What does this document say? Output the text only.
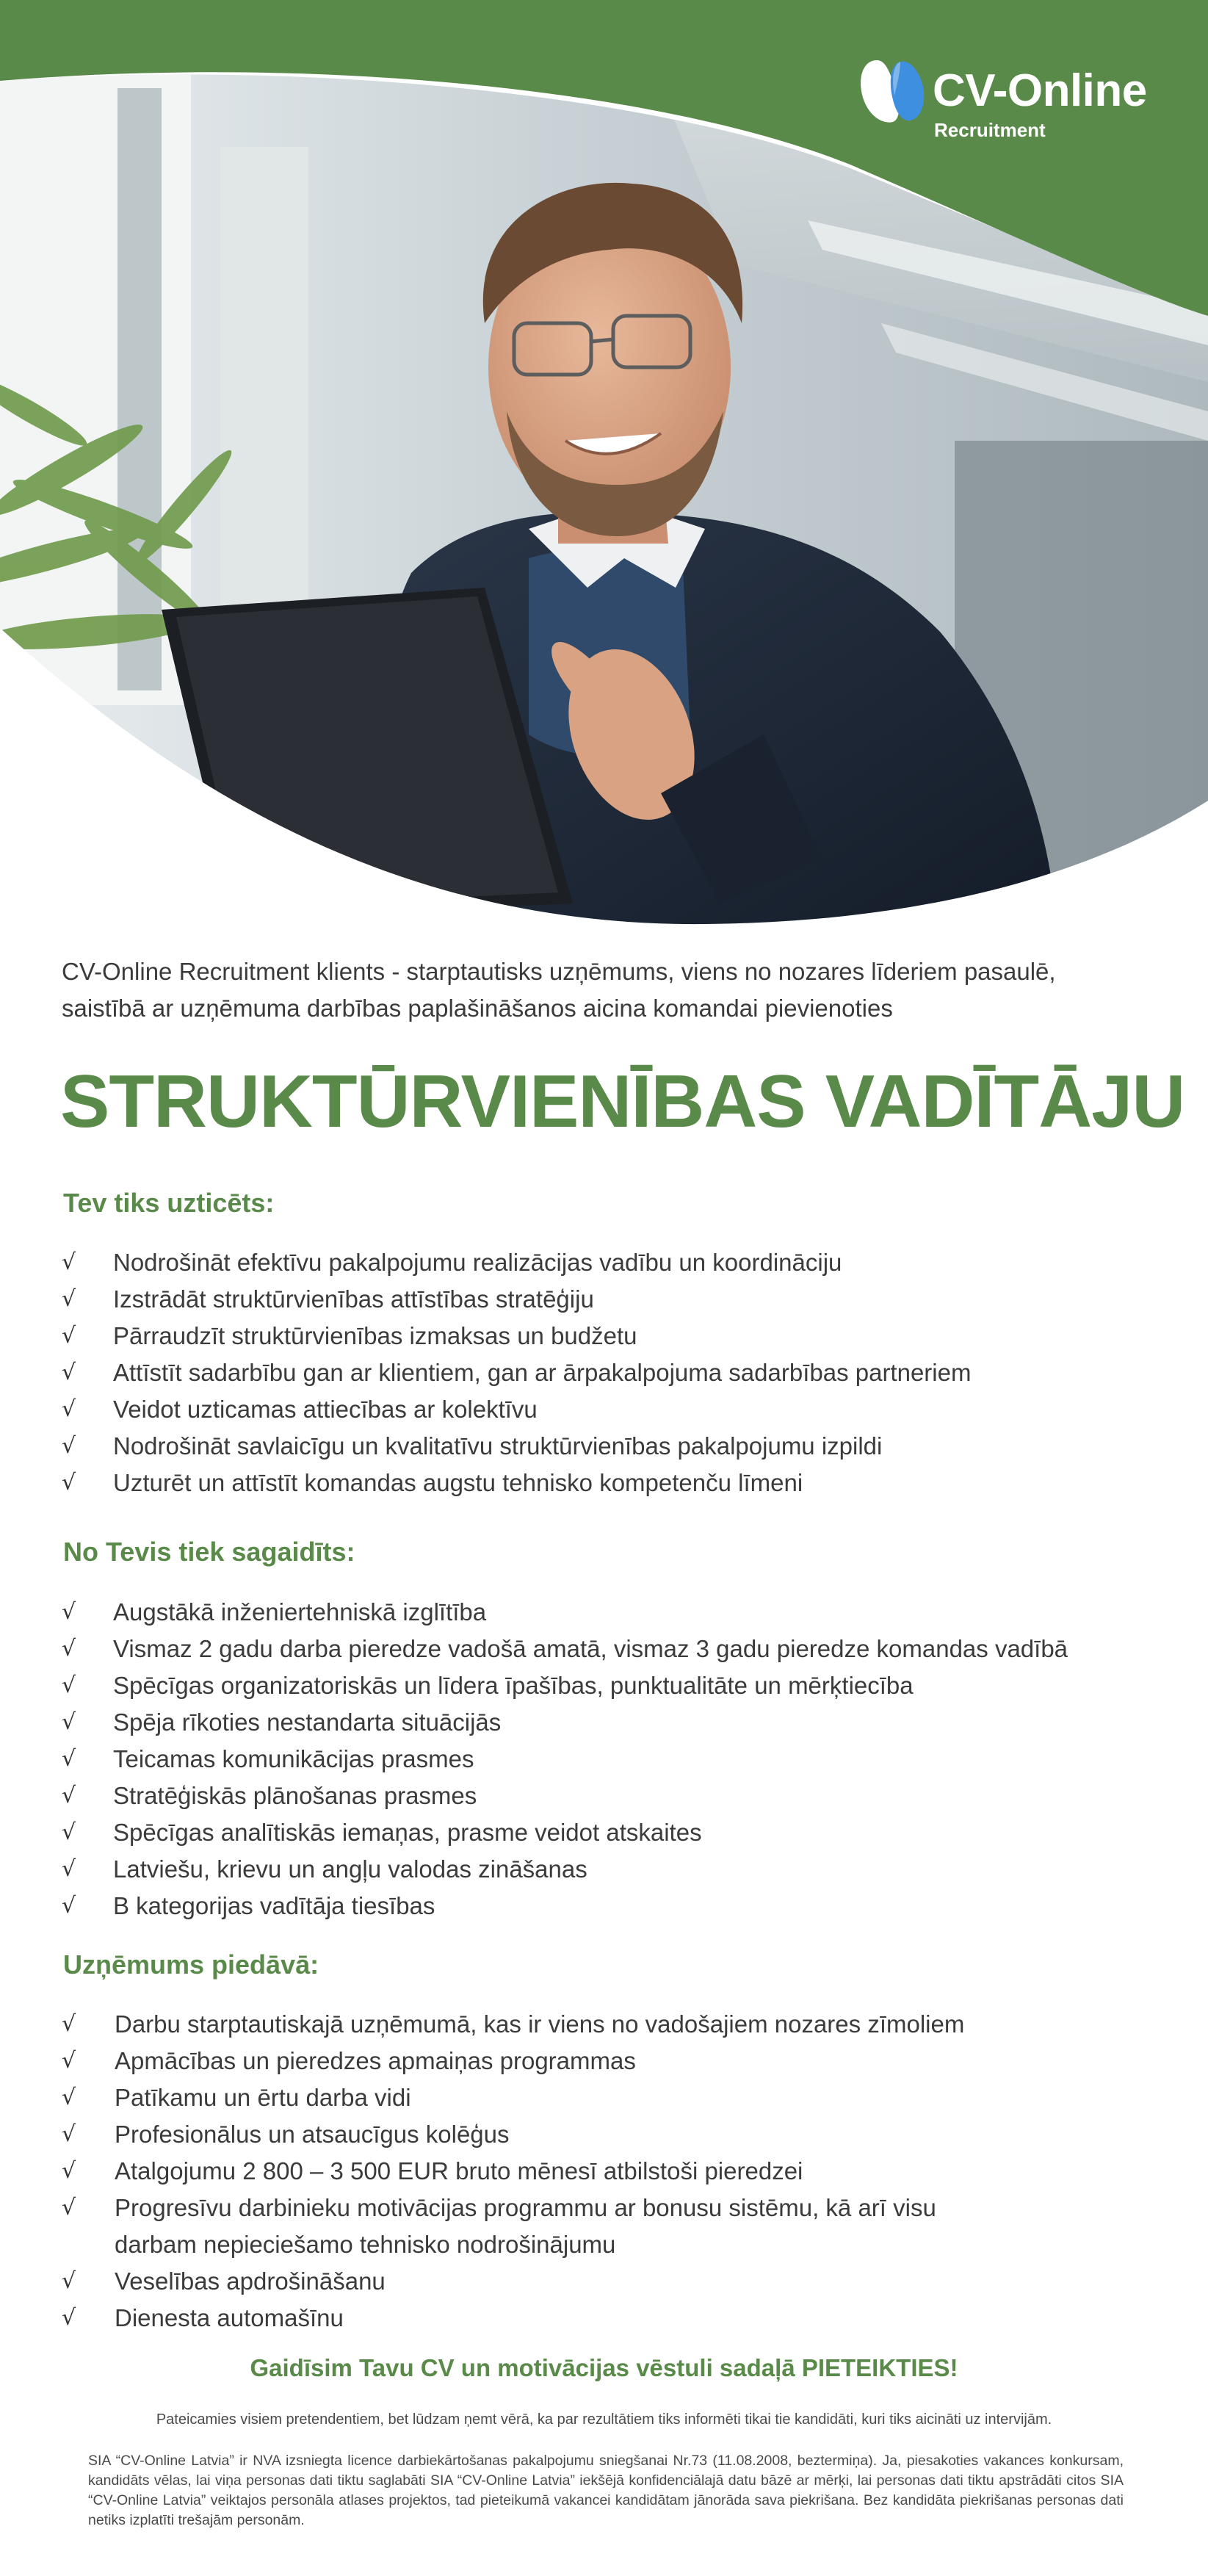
CV-Online
Recruitment

CV-Online Recruitment klients - starptautisks uzņēmums, viens no nozares līderiem pasaulē,

saistībā ar uzņēmuma darbības paplašināšanos aicina komandai pievienoties

STRUKTŪRVIENĪBAS VADĪTĀJU
Tev tiks uzticēts:
√ Nodrošināt efektīvu pakalpojumu realizācijas vadību un koordināciju
√ Izstrādāt struktūrvienības attīstības stratēģiju
√ Pārraudzīt struktūrvienības izmaksas un budžetu
√ Attīstīt sadarbību gan ar klientiem, gan ar ārpakalpojuma sadarbības partneriem
√ Veidot uzticamas attiecības ar kolektīvu
√ Nodrošināt savlaicīgu un kvalitatīvu struktūrvienības pakalpojumu izpildi
√ Uzturēt un attīstīt komandas augstu tehnisko kompetenču līmeni
No Tevis tiek sagaidīts:
√ Augstākā inženiertehniskā izglītība
√ Vismaz 2 gadu darba pieredze vadošā amatā, vismaz 3 gadu pieredze komandas vadībā
√ Spēcīgas organizatoriskās un līdera īpašības, punktualitāte un mērķtiecība
√ Spēja rīkoties nestandarta situācijās
√ Teicamas komunikācijas prasmes
√ Stratēģiskās plānošanas prasmes
√ Spēcīgas analītiskās iemaņas, prasme veidot atskaites
√ Latviešu, krievu un angļu valodas zināšanas
√ B kategorijas vadītāja tiesības
Uzņēmums piedāvā:
√ Darbu starptautiskajā uzņēmumā, kas ir viens no vadošajiem nozares zīmoliem
√ Apmācības un pieredzes apmaiņas programmas
√ Patīkamu un ērtu darba vidi
√ Profesionālus un atsaucīgus kolēģus
√ Atalgojumu 2 800 – 3 500 EUR bruto mēnesī atbilstoši pieredzei
√ Progresīvu darbinieku motivācijas programmu ar bonusu sistēmu, kā arī visu darbam nepieciešamo tehnisko nodrošinājumu
√ Veselības apdrošināšanu
√ Dienesta automašīnu
Gaidīsim Tavu CV un motivācijas vēstuli sadaļā PIETEIKTIES!
Pateicamies visiem pretendentiem, bet lūdzam ņemt vērā, ka par rezultātiem tiks informēti tikai tie kandidāti, kuri tiks aicināti uz intervijām.
SIA “CV-Online Latvia” ir NVA izsniegta licence darbiekārtošanas pakalpojumu sniegšanai Nr.73 (11.08.2008, beztermiņa). Ja, piesakoties vakances konkursam, kandidāts vēlas, lai viņa personas dati tiktu saglabāti SIA “CV-Online Latvia” iekšējā konfidenciālajā datu bāzē ar mērķi, lai personas dati tiktu apstrādāti citos SIA “CV-Online Latvia” veiktajos personāla atlases projektos, tad pieteikumā vakancei kandidātam jānorāda sava piekrišana. Bez kandidāta piekrišanas personas dati netiks izplatīti trešajām personām.
